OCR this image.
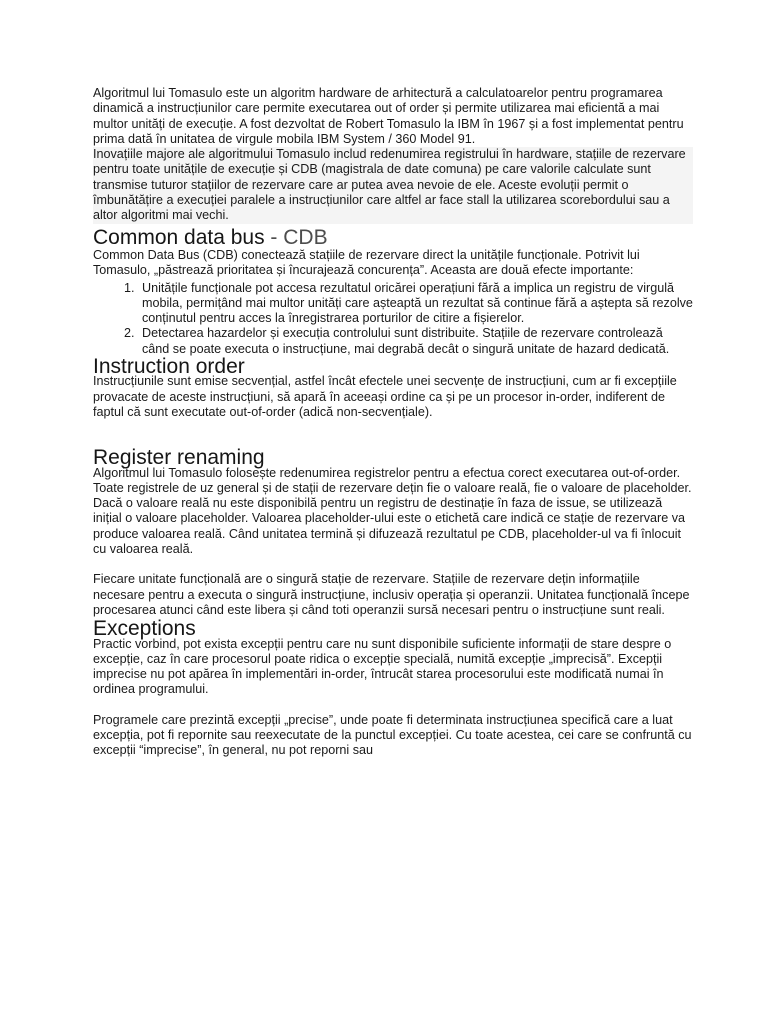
Algoritmul lui Tomasulo este un algoritm hardware de arhitectură a calculatoarelor pentru programarea dinamică a instrucțiunilor care permite executarea out of order și permite utilizarea mai eficientă a mai multor unități de execuție. A fost dezvoltat de Robert Tomasulo la IBM în 1967 și a fost implementat pentru prima dată în unitatea de virgule mobila IBM System / 360 Model 91.

Inovațiile majore ale algoritmului Tomasulo includ redenumirea registrului în hardware, stațiile de rezervare pentru toate unitățile de execuție și CDB (magistrala de date comuna) pe care valorile calculate sunt transmise tuturor stațiilor de rezervare care ar putea avea nevoie de ele. Aceste evoluții permit o îmbunătățire a execuției paralele a instrucțiunilor care altfel ar face stall la utilizarea scorebordului sau a altor algoritmi mai vechi.

Common data bus - CDB

Common Data Bus (CDB) conectează stațiile de rezervare direct la unitățile funcționale. Potrivit lui Tomasulo, „păstrează prioritatea și încurajează concurența”. Aceasta are două efecte importante:

1. Unitățile funcționale pot accesa rezultatul oricărei operațiuni fără a implica un registru de virgulă mobila, permițând mai multor unități care așteaptă un rezultat să continue fără a aștepta să rezolve conținutul pentru acces la înregistrarea porturilor de citire a fișierelor.
2. Detectarea hazardelor și execuția controlului sunt distribuite. Stațiile de rezervare controlează când se poate executa o instrucțiune, mai degrabă decât o singură unitate de hazard dedicată.
Instruction order

Instrucțiunile sunt emise secvențial, astfel încât efectele unei secvențe de instrucțiuni, cum ar fi excepțiile provacate de aceste instrucțiuni, să apară în aceeași ordine ca și pe un procesor in-order, indiferent de faptul că sunt executate out-of-order (adică non-secvențiale).

Register renaming

Algoritmul lui Tomasulo folosește redenumirea registrelor pentru a efectua corect executarea out-of-order. Toate registrele de uz general și de stații de rezervare dețin fie o valoare reală, fie o valoare de placeholder. Dacă o valoare reală nu este disponibilă pentru un registru de destinație în faza de issue, se utilizează inițial o valoare placeholder. Valoarea placeholder-ului este o etichetă care indică ce stație de rezervare va produce valoarea reală. Când unitatea termină și difuzează rezultatul pe CDB, placeholder-ul va fi înlocuit cu valoarea reală.

Fiecare unitate funcțională are o singură stație de rezervare. Stațiile de rezervare dețin informațiile necesare pentru a executa o singură instrucțiune, inclusiv operația și operanzii. Unitatea funcțională începe procesarea atunci când este libera și când toti operanzii sursă necesari pentru o instrucțiune sunt reali.

Exceptions

Practic vorbind, pot exista excepții pentru care nu sunt disponibile suficiente informații de stare despre o excepție, caz în care procesorul poate ridica o excepție specială, numită excepție „imprecisă”. Excepții imprecise nu pot apărea în implementări in-order, întrucât starea procesorului este modificată numai în ordinea programului.

Programele care prezintă excepții „precise”, unde poate fi determinata instrucțiunea specifică care a luat excepția, pot fi repornite sau reexecutate de la punctul excepției. Cu toate acestea, cei care se confruntă cu excepții “imprecise”, în general, nu pot reporni sau
